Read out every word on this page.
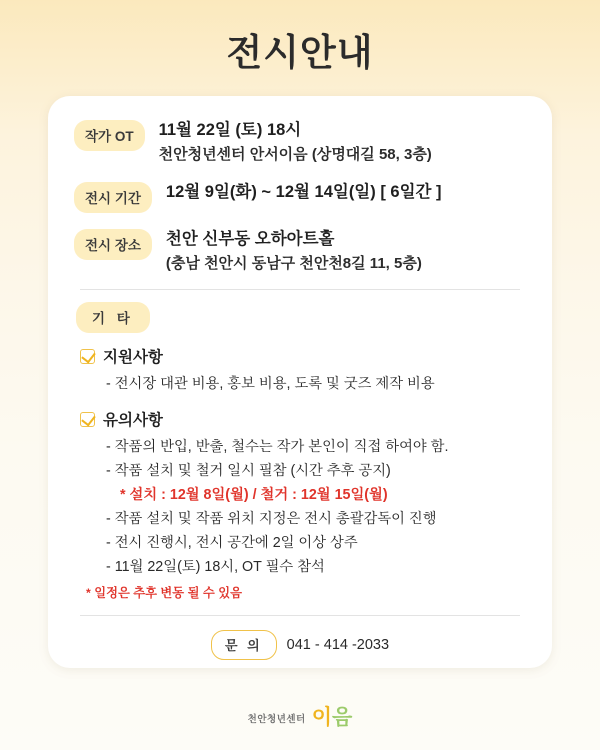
전시안내
작가 OT	11월 22일 (토) 18시
천안청년센터 안서이음 (상명대길 58, 3층)
전시 기간	12월 9일(화) ~ 12월 14일(일) [ 6일간 ]
전시 장소	천안 신부동 오하아트홀
(충남 천안시 동남구 천안천8길 11, 5층)
기 타
지원사항
- 전시장 대관 비용, 홍보 비용, 도록 및 굿즈 제작 비용
유의사항
- 작품의 반입, 반출, 철수는 작가 본인이 직접 하여야 함.
- 작품 설치 및 철거 일시 필참 (시간 추후 공지)
* 설치 : 12월 8일(월) / 철거 : 12월 15일(월)
- 작품 설치 및 작품 위치 지정은 전시 총괄감독이 진행
- 전시 진행시, 전시 공간에 2일 이상 상주
- 11월 22일(토) 18시, OT 필수 참석
* 일정은 추후 변동 될 수 있음
문 의	041 - 414 -2033
천안청년센터 이 음
